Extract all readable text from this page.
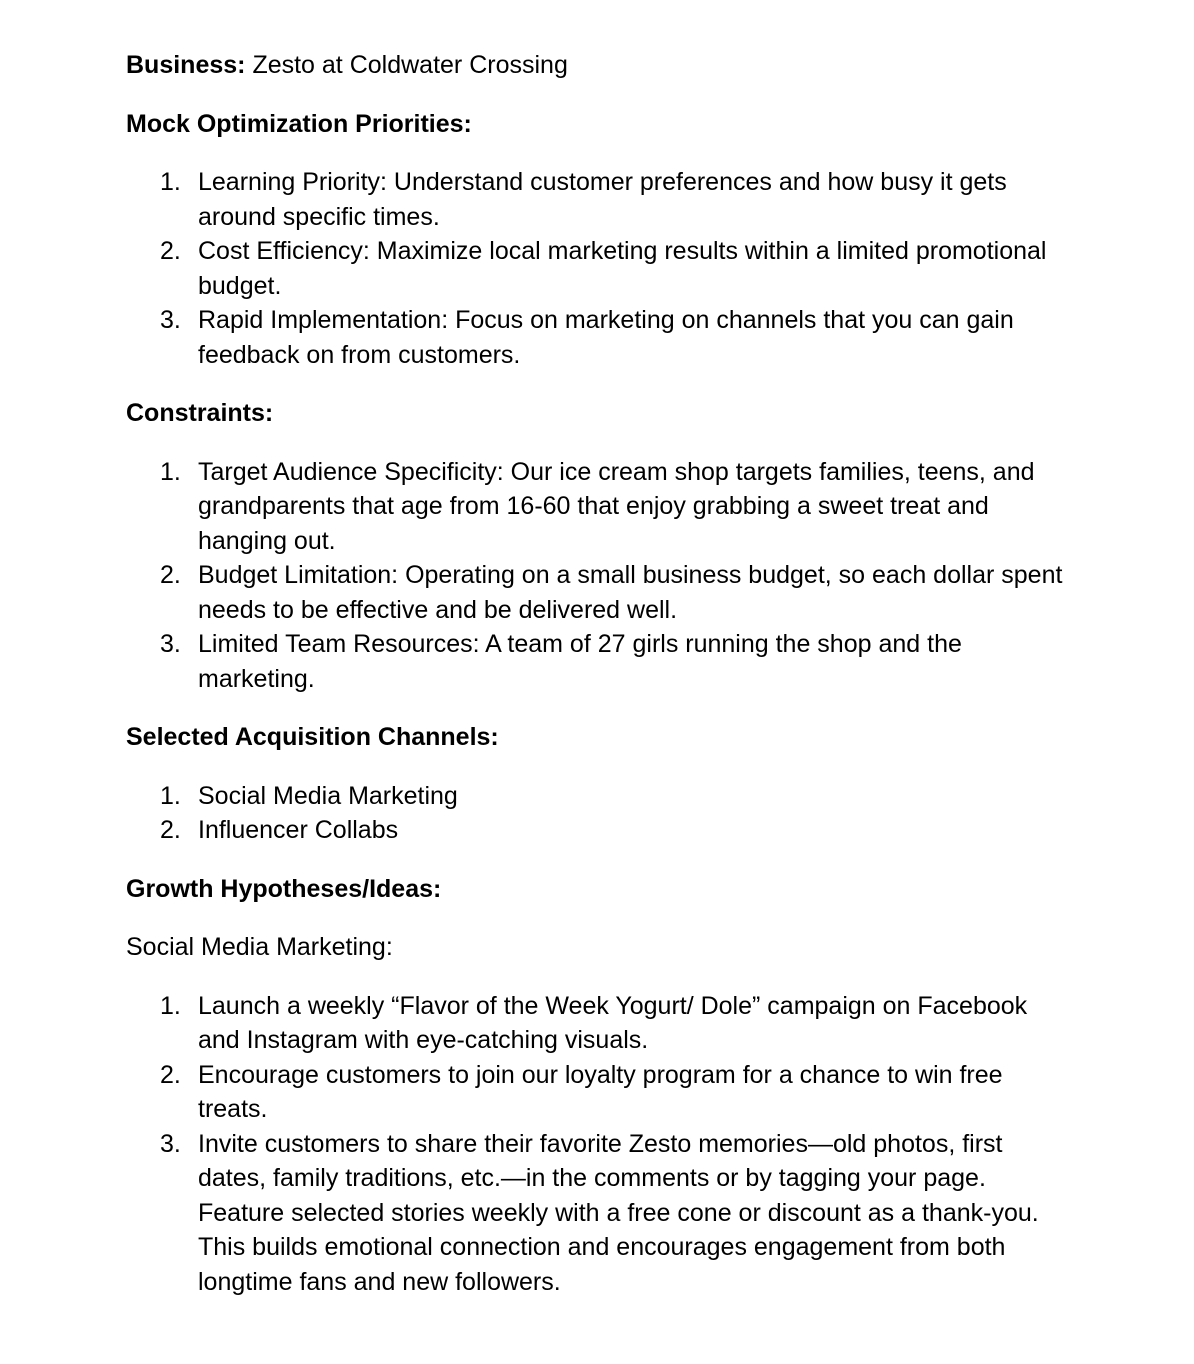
Business: Zesto at Coldwater Crossing

Mock Optimization Priorities:

1. Learning Priority: Understand customer preferences and how busy it gets around specific times.
2. Cost Efficiency: Maximize local marketing results within a limited promotional budget.
3. Rapid Implementation: Focus on marketing on channels that you can gain feedback on from customers.

Constraints:

1. Target Audience Specificity: Our ice cream shop targets families, teens, and grandparents that age from 16-60 that enjoy grabbing a sweet treat and hanging out.
2. Budget Limitation: Operating on a small business budget, so each dollar spent needs to be effective and be delivered well.
3. Limited Team Resources: A team of 27 girls running the shop and the marketing.

Selected Acquisition Channels:

1. Social Media Marketing
2. Influencer Collabs

Growth Hypotheses/Ideas:

Social Media Marketing:

1. Launch a weekly “Flavor of the Week Yogurt/ Dole” campaign on Facebook and Instagram with eye-catching visuals.
2. Encourage customers to join our loyalty program for a chance to win free treats.
3. Invite customers to share their favorite Zesto memories—old photos, first dates, family traditions, etc.—in the comments or by tagging your page. Feature selected stories weekly with a free cone or discount as a thank-you. This builds emotional connection and encourages engagement from both longtime fans and new followers.
